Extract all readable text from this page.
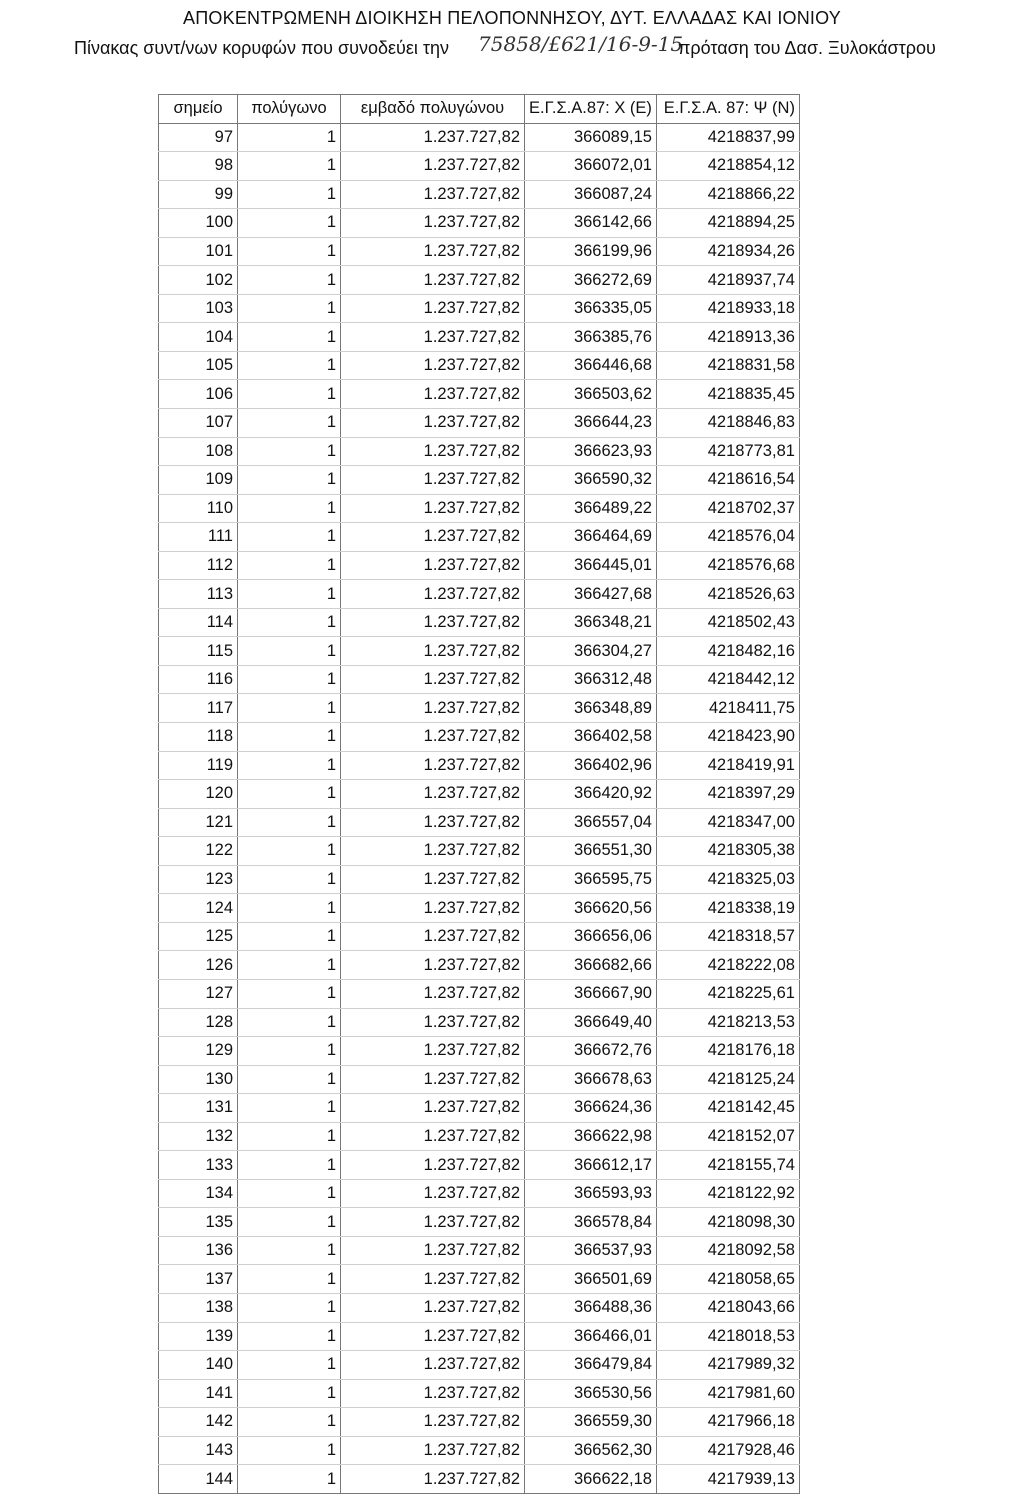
ΑΠΟΚΕΝΤΡΩΜΕΝΗ ΔΙΟΙΚΗΣΗ ΠΕΛΟΠΟΝΝΗΣΟΥ, ΔΥΤ. ΕΛΛΑΔΑΣ ΚΑΙ ΙΟΝΙΟΥ
Πίνακας συντ/νων κορυφών που συνοδεύει την 75858/£621/16-9-15
πρόταση του Δασ. Ξυλοκάστρου
σημείο	πολύγωνο	εμβαδό πολυγώνου	Ε.Γ.Σ.Α.87: X (E)	Ε.Γ.Σ.Α. 87: Ψ (N)
97	1	1.237.727,82	366089,15	4218837,99
98	1	1.237.727,82	366072,01	4218854,12
99	1	1.237.727,82	366087,24	4218866,22
100	1	1.237.727,82	366142,66	4218894,25
101	1	1.237.727,82	366199,96	4218934,26
102	1	1.237.727,82	366272,69	4218937,74
103	1	1.237.727,82	366335,05	4218933,18
104	1	1.237.727,82	366385,76	4218913,36
105	1	1.237.727,82	366446,68	4218831,58
106	1	1.237.727,82	366503,62	4218835,45
107	1	1.237.727,82	366644,23	4218846,83
108	1	1.237.727,82	366623,93	4218773,81
109	1	1.237.727,82	366590,32	4218616,54
110	1	1.237.727,82	366489,22	4218702,37
111	1	1.237.727,82	366464,69	4218576,04
112	1	1.237.727,82	366445,01	4218576,68
113	1	1.237.727,82	366427,68	4218526,63
114	1	1.237.727,82	366348,21	4218502,43
115	1	1.237.727,82	366304,27	4218482,16
116	1	1.237.727,82	366312,48	4218442,12
117	1	1.237.727,82	366348,89	4218411,75
118	1	1.237.727,82	366402,58	4218423,90
119	1	1.237.727,82	366402,96	4218419,91
120	1	1.237.727,82	366420,92	4218397,29
121	1	1.237.727,82	366557,04	4218347,00
122	1	1.237.727,82	366551,30	4218305,38
123	1	1.237.727,82	366595,75	4218325,03
124	1	1.237.727,82	366620,56	4218338,19
125	1	1.237.727,82	366656,06	4218318,57
126	1	1.237.727,82	366682,66	4218222,08
127	1	1.237.727,82	366667,90	4218225,61
128	1	1.237.727,82	366649,40	4218213,53
129	1	1.237.727,82	366672,76	4218176,18
130	1	1.237.727,82	366678,63	4218125,24
131	1	1.237.727,82	366624,36	4218142,45
132	1	1.237.727,82	366622,98	4218152,07
133	1	1.237.727,82	366612,17	4218155,74
134	1	1.237.727,82	366593,93	4218122,92
135	1	1.237.727,82	366578,84	4218098,30
136	1	1.237.727,82	366537,93	4218092,58
137	1	1.237.727,82	366501,69	4218058,65
138	1	1.237.727,82	366488,36	4218043,66
139	1	1.237.727,82	366466,01	4218018,53
140	1	1.237.727,82	366479,84	4217989,32
141	1	1.237.727,82	366530,56	4217981,60
142	1	1.237.727,82	366559,30	4217966,18
143	1	1.237.727,82	366562,30	4217928,46
144	1	1.237.727,82	366622,18	4217939,13
